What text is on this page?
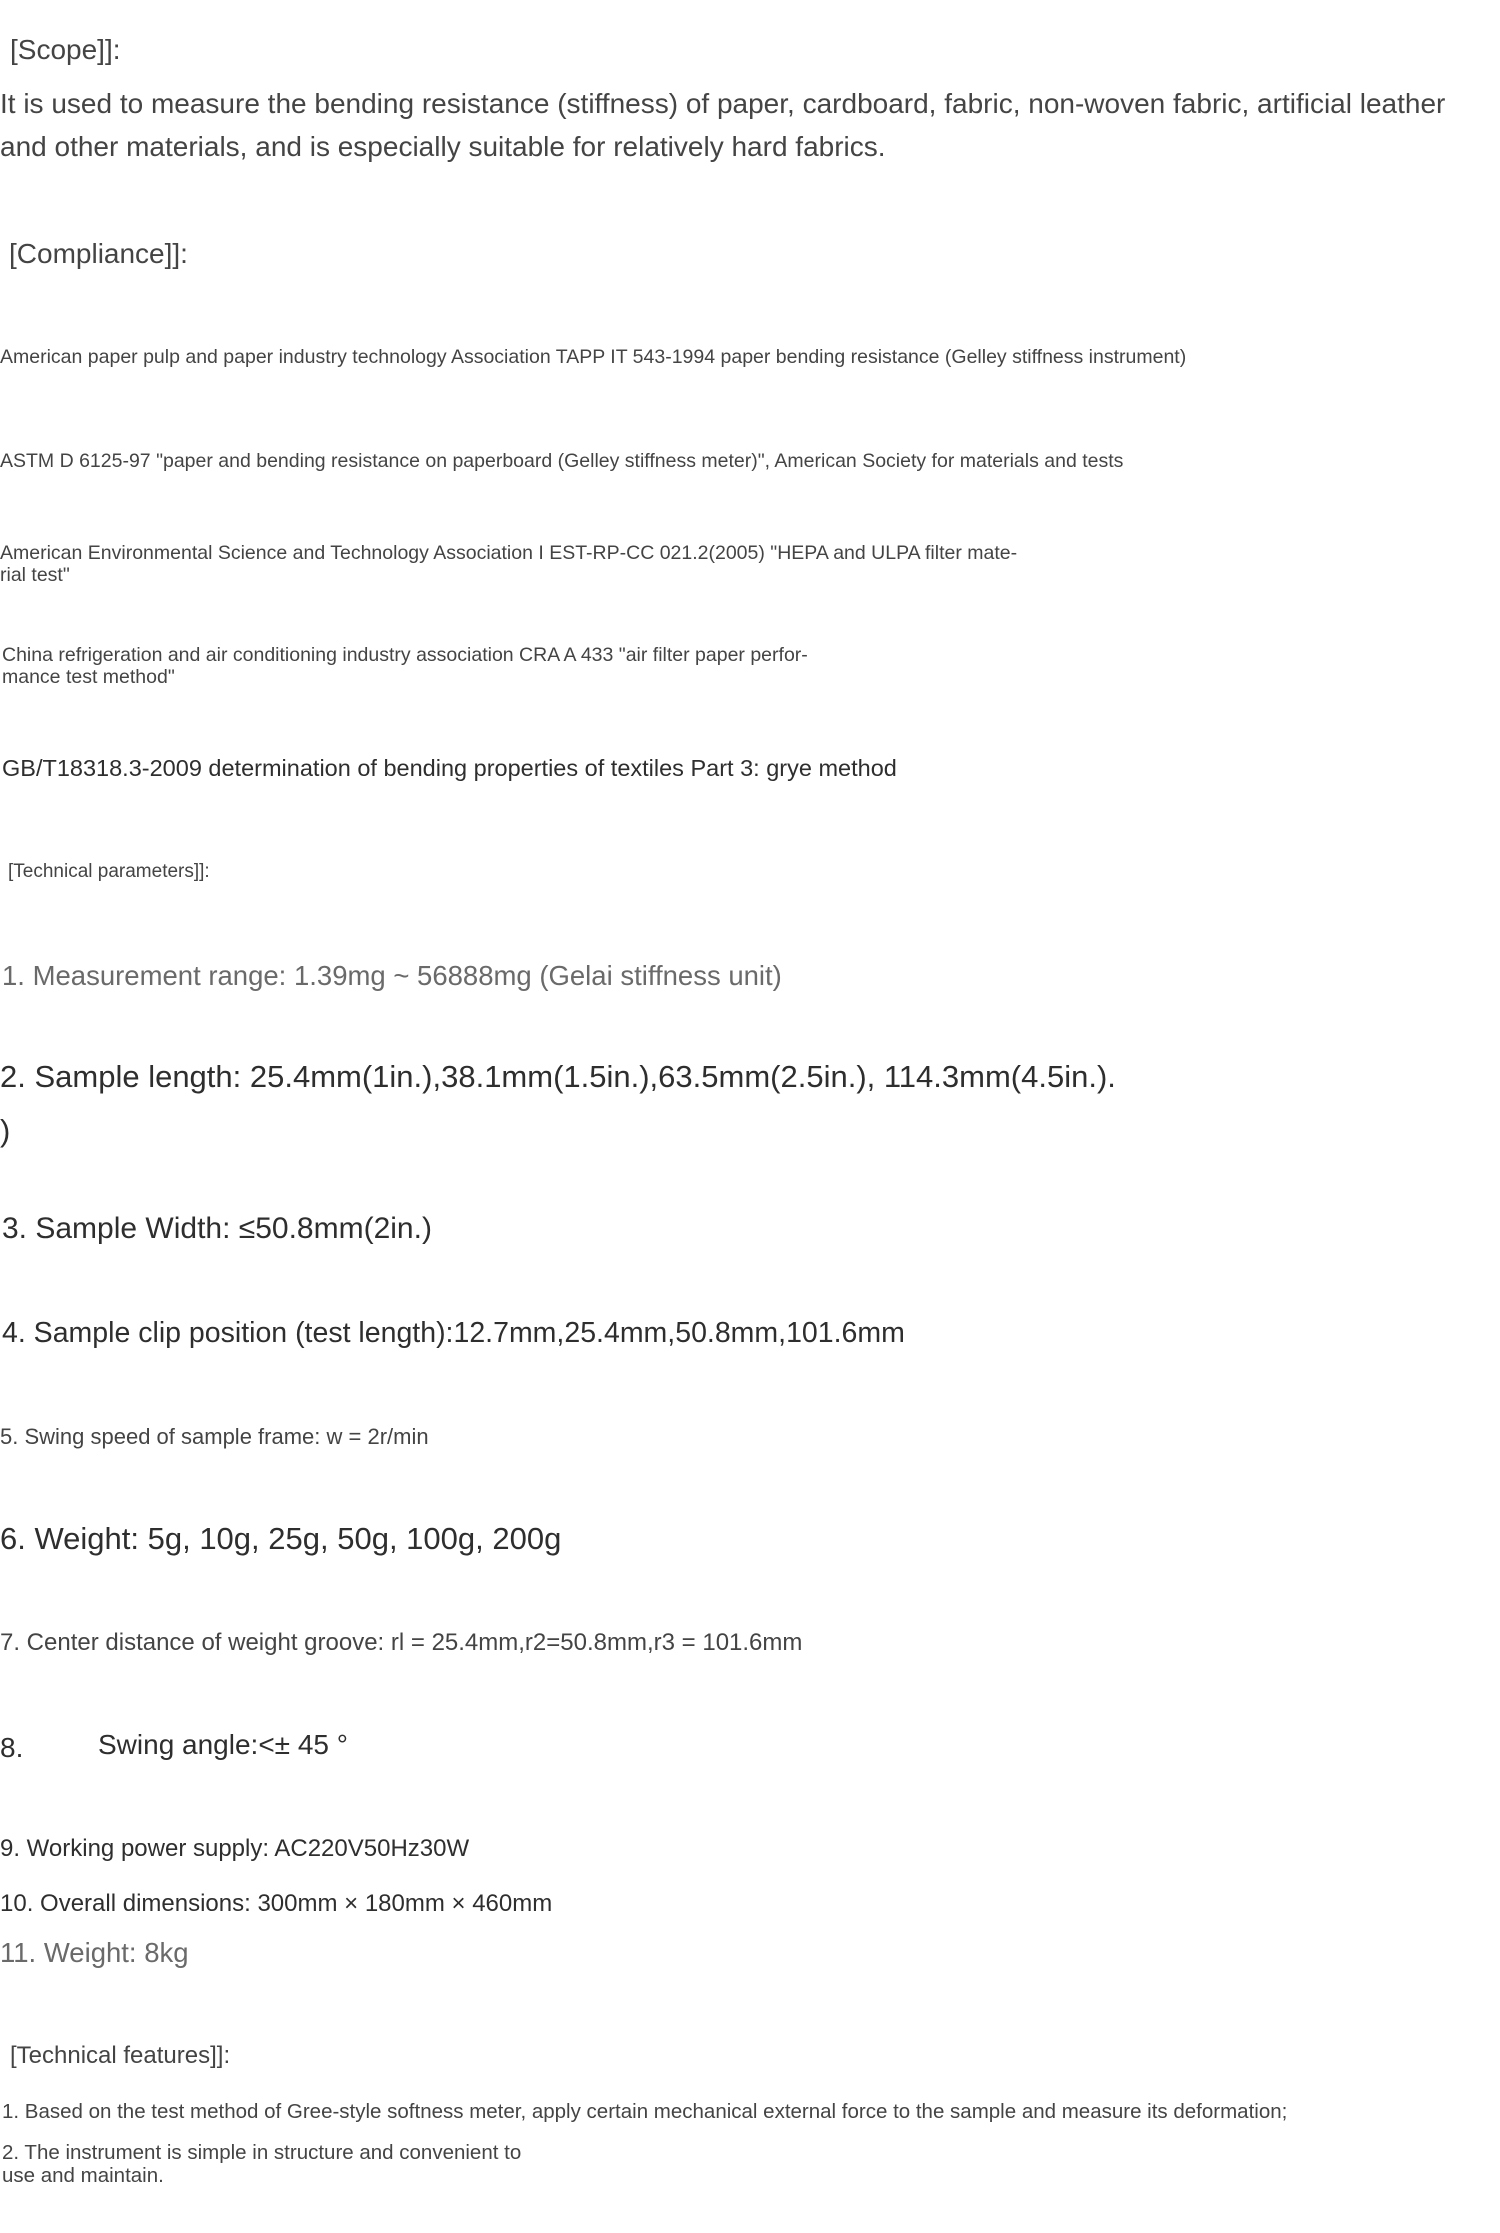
[Scope]]:
It is used to measure the bending resistance (stiffness) of paper, cardboard, fabric, non-woven fabric, artificial leather
and other materials, and is especially suitable for relatively hard fabrics.
[Compliance]]:
American paper pulp and paper industry technology Association TAPP IT 543-1994 paper bending resistance (Gelley stiffness instrument)
ASTM D 6125-97 "paper and bending resistance on paperboard (Gelley stiffness meter)", American Society for materials and tests
American Environmental Science and Technology Association I EST-RP-CC 021.2(2005) "HEPA and ULPA filter mate-
rial test"
China refrigeration and air conditioning industry association CRA A 433 "air filter paper perfor-
mance test method"
GB/T18318.3-2009 determination of bending properties of textiles Part 3: grye method
[Technical parameters]]:
1. Measurement range: 1.39mg ~ 56888mg (Gelai stiffness unit)
2. Sample length: 25.4mm(1in.),38.1mm(1.5in.),63.5mm(2.5in.), 114.3mm(4.5in.).
)
3. Sample Width: ≤50.8mm(2in.)
4. Sample clip position (test length):12.7mm,25.4mm,50.8mm,101.6mm
5. Swing speed of sample frame: w = 2r/min
6. Weight: 5g, 10g, 25g, 50g, 100g, 200g
7. Center distance of weight groove: rl = 25.4mm,r2=50.8mm,r3 = 101.6mm
8.	Swing angle:<± 45 °
9. Working power supply: AC220V50Hz30W
10. Overall dimensions: 300mm × 180mm × 460mm
11. Weight: 8kg
[Technical features]]:
1. Based on the test method of Gree-style softness meter, apply certain mechanical external force to the sample and measure its deformation;
2. The instrument is simple in structure and convenient to
use and maintain.
